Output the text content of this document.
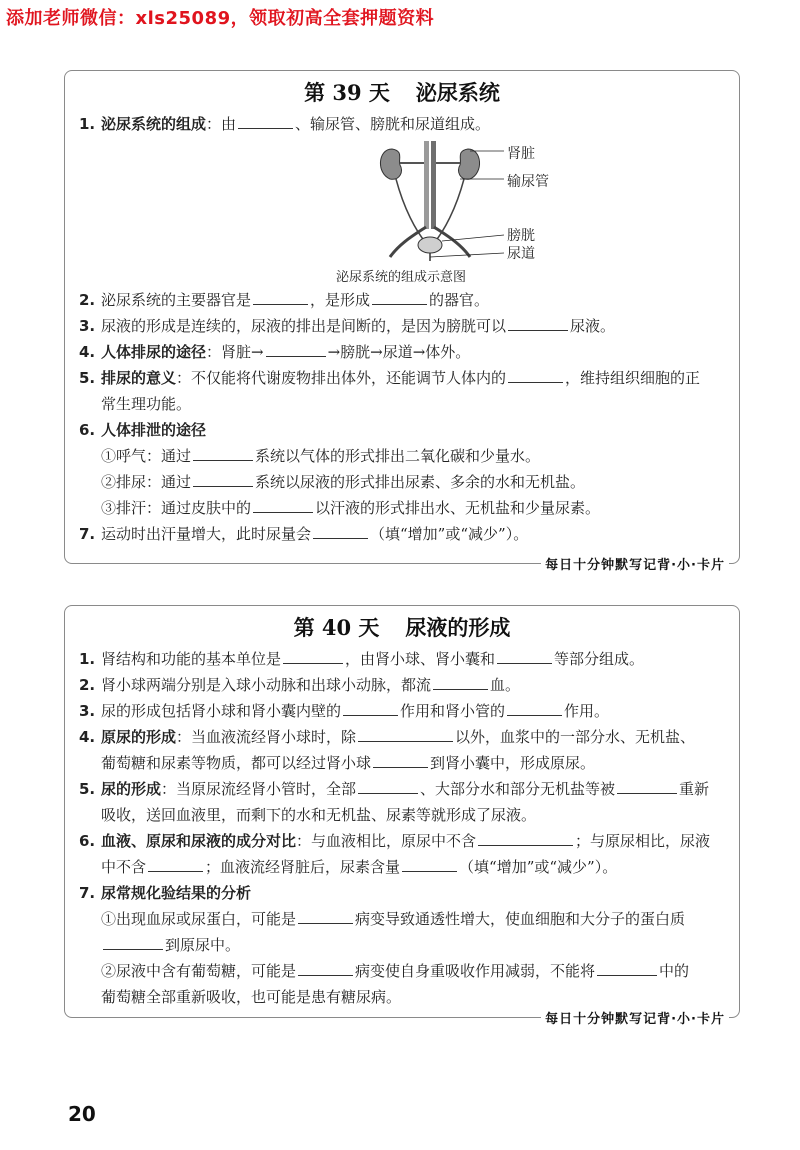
添加老师微信：xls25089，领取初高全套押题资料
第 39 天 泌尿系统
1. 泌尿系统的组成：由	、输尿管、膀胱和尿道组成。
肾脏
输尿管
膀胱
尿道
泌尿系统的组成示意图
2. 泌尿系统的主要器官是	，是形成	的器官。
3. 尿液的形成是连续的，尿液的排出是间断的，是因为膀胱可以	尿液。
4. 人体排尿的途径：肾脏→	→膀胱→尿道→体外。
5. 排尿的意义：不仅能将代谢废物排出体外，还能调节人体内的	，维持组织细胞的正
常生理功能。
6. 人体排泄的途径
①呼气：通过	系统以气体的形式排出二氧化碳和少量水。
②排尿：通过	系统以尿液的形式排出尿素、多余的水和无机盐。
③排汗：通过皮肤中的	以汗液的形式排出水、无机盐和少量尿素。
7. 运动时出汗量增大，此时尿量会	（填“增加”或“减少”）。
每日十分钟默写记背·小·卡片
第 40 天 尿液的形成
1. 肾结构和功能的基本单位是	，由肾小球、肾小囊和	等部分组成。
2. 肾小球两端分别是入球小动脉和出球小动脉，都流	血。
3. 尿的形成包括肾小球和肾小囊内壁的	作用和肾小管的	作用。
4. 原尿的形成：当血液流经肾小球时，除	以外，血浆中的一部分水、无机盐、
葡萄糖和尿素等物质，都可以经过肾小球	到肾小囊中，形成原尿。
5. 尿的形成：当原尿流经肾小管时，全部	、大部分水和部分无机盐等被	重新
吸收，送回血液里，而剩下的水和无机盐、尿素等就形成了尿液。
6. 血液、原尿和尿液的成分对比：与血液相比，原尿中不含	；与原尿相比，尿液
中不含	；血液流经肾脏后，尿素含量	（填“增加”或“减少”）。
7. 尿常规化验结果的分析
①出现血尿或尿蛋白，可能是	病变导致通透性增大，使血细胞和大分子的蛋白质
到原尿中。
②尿液中含有葡萄糖，可能是	病变使自身重吸收作用减弱，不能将	中的
葡萄糖全部重新吸收，也可能是患有糖尿病。
每日十分钟默写记背·小·卡片
20
